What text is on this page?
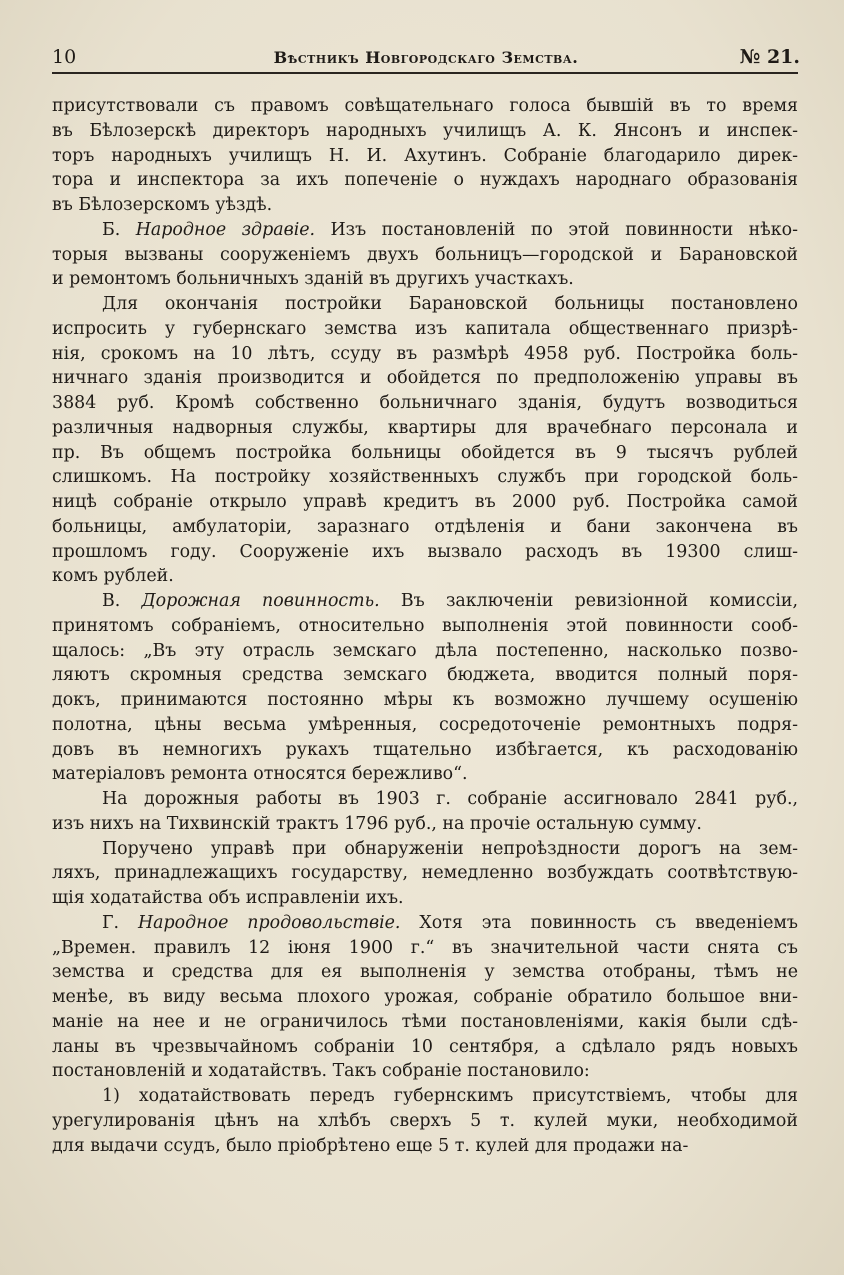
10	Вѣстникъ Новгородскаго Земства.	№ 21.
присутствовали съ правомъ совѣщательнаго голоса бывшій въ то время
въ Бѣлозерскѣ директоръ народныхъ училищъ А. К. Янсонъ и инспек-
торъ народныхъ училищъ Н. И. Ахутинъ. Собраніе благодарило дирек-
тора и инспектора за ихъ попеченіе о нуждахъ народнаго образованія
въ Бѣлозерскомъ уѣздѣ.
Б. Народное здравіе. Изъ постановленій по этой повинности нѣко-
торыя вызваны сооруженіемъ двухъ больницъ—городской и Барановской
и ремонтомъ больничныхъ зданій въ другихъ участкахъ.
Для окончанія постройки Барановской больницы постановлено
испросить у губернскаго земства изъ капитала общественнаго призрѣ-
нія, срокомъ на 10 лѣтъ, ссуду въ размѣрѣ 4958 руб. Постройка боль-
ничнаго зданія производится и обойдется по предположенію управы въ
3884 руб. Кромѣ собственно больничнаго зданія, будутъ возводиться
различныя надворныя службы, квартиры для врачебнаго персонала и
пр. Въ общемъ постройка больницы обойдется въ 9 тысячъ рублей
слишкомъ. На постройку хозяйственныхъ службъ при городской боль-
ницѣ собраніе открыло управѣ кредитъ въ 2000 руб. Постройка самой
больницы, амбулаторіи, заразнаго отдѣленія и бани закончена въ
прошломъ году. Сооруженіе ихъ вызвало расходъ въ 19300 слиш-
комъ рублей.
В. Дорожная повинность. Въ заключеніи ревизіонной комиссіи,
принятомъ собраніемъ, относительно выполненія этой повинности сооб-
щалось: „Въ эту отрасль земскаго дѣла постепенно, насколько позво-
ляютъ скромныя средства земскаго бюджета, вводится полный поря-
докъ, принимаются постоянно мѣры къ возможно лучшему осушенію
полотна, цѣны весьма умѣренныя, сосредоточеніе ремонтныхъ подря-
довъ въ немногихъ рукахъ тщательно избѣгается, къ расходованію
матеріаловъ ремонта относятся бережливо“.
На дорожныя работы въ 1903 г. собраніе ассигновало 2841 руб.,
изъ нихъ на Тихвинскій трактъ 1796 руб., на прочіе остальную сумму.
Поручено управѣ при обнаруженіи непроѣздности дорогъ на зем-
ляхъ, принадлежащихъ государству, немедленно возбуждать соотвѣтствую-
щія ходатайства объ исправленіи ихъ.
Г. Народное продовольствіе. Хотя эта повинность съ введеніемъ
„Времен. правилъ 12 іюня 1900 г.“ въ значительной части снята съ
земства и средства для ея выполненія у земства отобраны, тѣмъ не
менѣе, въ виду весьма плохого урожая, собраніе обратило большое вни-
маніе на нее и не ограничилось тѣми постановленіями, какія были сдѣ-
ланы въ чрезвычайномъ собраніи 10 сентября, а сдѣлало рядъ новыхъ
постановленій и ходатайствъ. Такъ собраніе постановило:
1) ходатайствовать передъ губернскимъ присутствіемъ, чтобы для
урегулированія цѣнъ на хлѣбъ сверхъ 5 т. кулей муки, необходимой
для выдачи ссудъ, было пріобрѣтено еще 5 т. кулей для продажи на-
